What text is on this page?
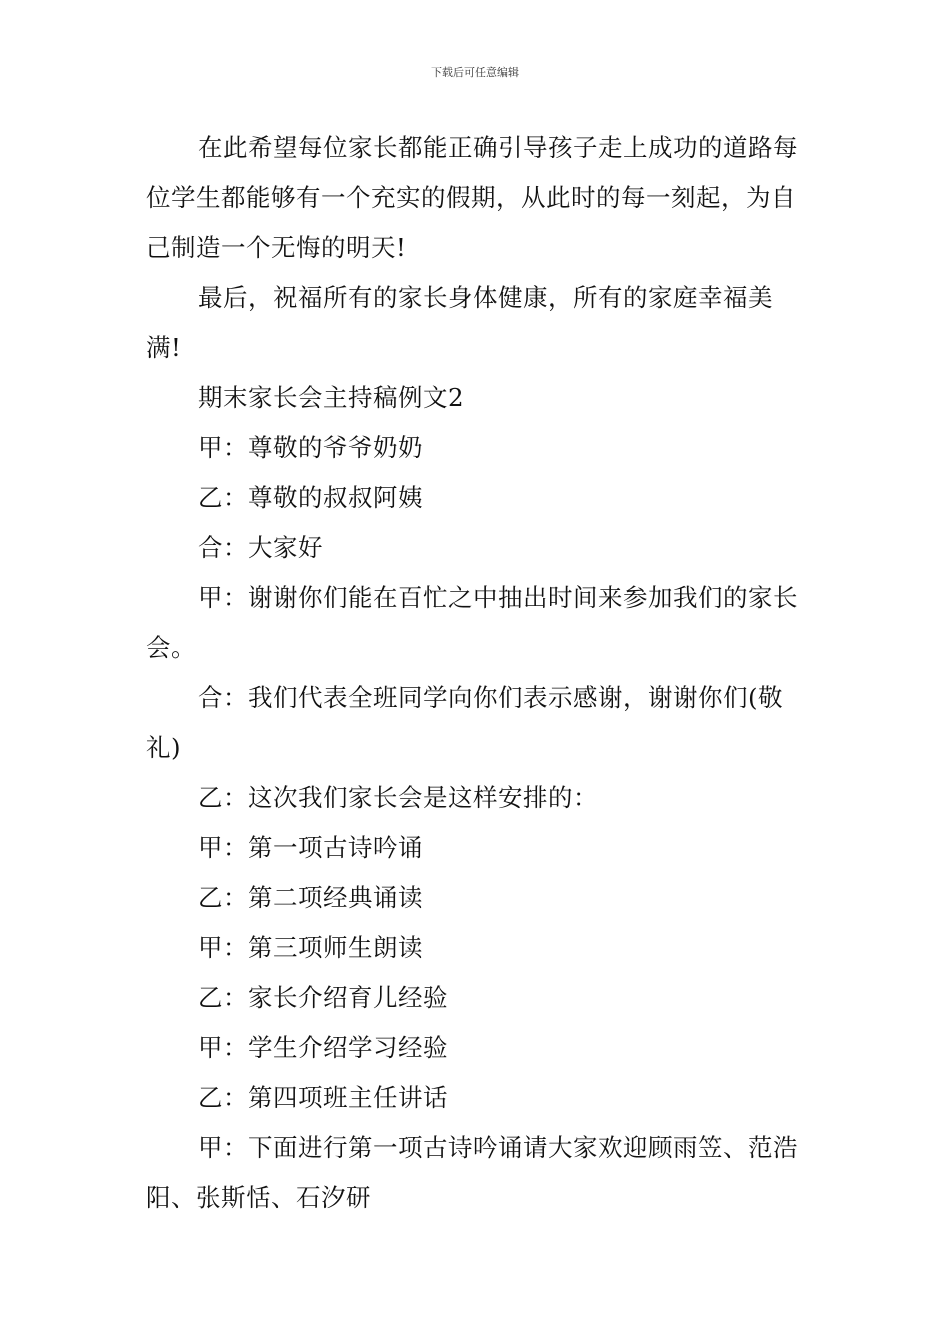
下载后可任意编辑

在此希望每位家长都能正确引导孩子走上成功的道路每位学生都能够有一个充实的假期，从此时的每一刻起，为自己制造一个无悔的明天!

最后，祝福所有的家长身体健康，所有的家庭幸福美满!

期末家长会主持稿例文2

甲：尊敬的爷爷奶奶

乙：尊敬的叔叔阿姨

合：大家好

甲：谢谢你们能在百忙之中抽出时间来参加我们的家长会。

合：我们代表全班同学向你们表示感谢，谢谢你们(敬礼)

乙：这次我们家长会是这样安排的：

甲：第一项古诗吟诵

乙：第二项经典诵读

甲：第三项师生朗读

乙：家长介绍育儿经验

甲：学生介绍学习经验

乙：第四项班主任讲话

甲：下面进行第一项古诗吟诵请大家欢迎顾雨笠、范浩阳、张斯恬、石汐研
